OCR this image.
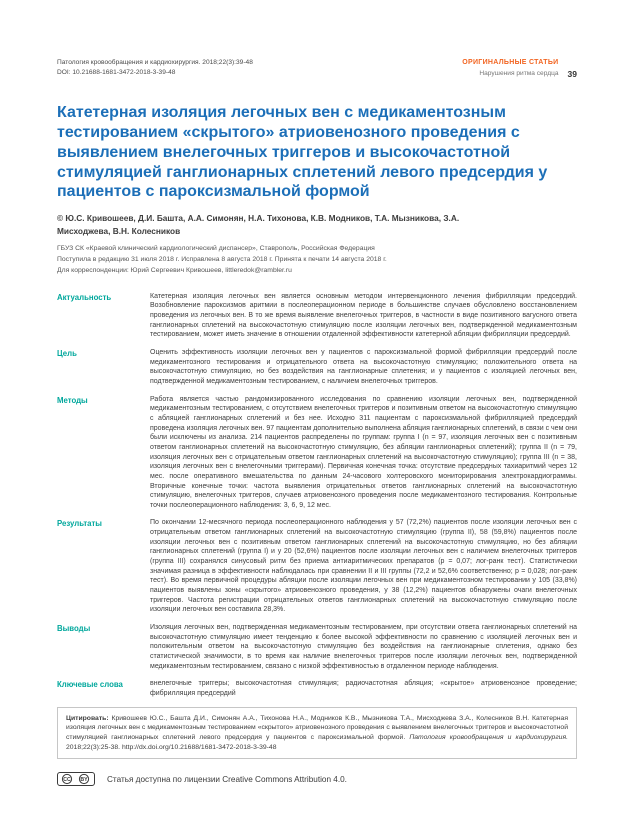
Патология кровообращения и кардиохирургия. 2018;22(3):39-48
DOI: 10.21688-1681-3472-2018-3-39-48
ОРИГИНАЛЬНЫЕ СТАТЬИ
Нарушения ритма сердца 39
Катетерная изоляция легочных вен с медикаментозным тестированием «скрытого» атриовенозного проведения с выявлением внелегочных триггеров и высокочастотной стимуляцией ганглионарных сплетений левого предсердия у пациентов с пароксизмальной формой
© Ю.С. Кривошеев, Д.И. Башта, А.А. Симонян, Н.А. Тихонова, К.В. Модников, Т.А. Мызникова, З.А. Мисходжева, В.Н. Колесников
ГБУЗ СК «Краевой клинический кардиологический диспансер», Ставрополь, Российская Федерация
Поступила в редакцию 31 июля 2018 г. Исправлена 8 августа 2018 г. Принята к печати 14 августа 2018 г.
Для корреспонденции: Юрий Сергеевич Кривошеев, littleredok@rambler.ru
Актуальность	Катетерная изоляция легочных вен является основным методом интервенционного лечения фибрилляции предсердий. Возобновление пароксизмов аритмии в послеоперационном периоде в большинстве случаев обусловлено восстановлением проведения из легочных вен. В то же время выявление внелегочных триггеров, в частности в виде позитивного вагусного ответа ганглионарных сплетений на высокочастотную стимуляцию после изоляции легочных вен, подтвержденной медикаментозным тестированием, может иметь значение в отношении отдаленной эффективности катетерной абляции фибрилляции предсердий.
Цель	Оценить эффективность изоляции легочных вен у пациентов с пароксизмальной формой фибрилляции предсердий после медикаментозного тестирования и отрицательного ответа на высокочастотную стимуляцию; положительного ответа на высокочастотную стимуляцию, но без воздействия на ганглионарные сплетения; и у пациентов с изоляцией легочных вен, подтвержденной медикаментозным тестированием, с наличием внелегочных триггеров.
Методы	Работа является частью рандомизированного исследования по сравнению изоляции легочных вен, подтвержденной медикаментозным тестированием, с отсутствием внелегочных триггеров и позитивным ответом на высокочастотную стимуляцию с абляцией ганглионарных сплетений и без нее. Исходно 311 пациентам с пароксизмальной фибрилляцией предсердий проведена изоляция легочных вен. 97 пациентам дополнительно выполнена абляция ганглионарных сплетений, в связи с чем они были исключены из анализа. 214 пациентов распределены по группам: группа I (n = 97, изоляция легочных вен с позитивным ответом ганглионарных сплетений на высокочастотную стимуляцию, без абляции ганглионарных сплетений); группа II (n = 79, изоляция легочных вен с отрицательным ответом ганглионарных сплетений на высокочастотную стимуляцию); группа III (n = 38, изоляция легочных вен с внелегочными триггерами). Первичная конечная точка: отсутствие предсердных тахиаритмий через 12 мес. после оперативного вмешательства по данным 24-часового холтеровского мониторирования электрокардиограммы. Вторичные конечные точки: частота выявления отрицательных ответов ганглионарных сплетений на высокочастотную стимуляцию, внелегочных триггеров, случаев атриовенозного проведения после медикаментозного тестирования. Контрольные точки послеоперационного наблюдения: 3, 6, 9, 12 мес.
Результаты	По окончании 12-месячного периода послеоперационного наблюдения у 57 (72,2%) пациентов после изоляции легочных вен с отрицательным ответом ганглионарных сплетений на высокочастотную стимуляцию (группа II), 58 (59,8%) пациентов после изоляции легочных вен с позитивным ответом ганглионарных сплетений на высокочастотную стимуляцию, но без абляции ганглионарных сплетений (группа I) и у 20 (52,6%) пациентов после изоляции легочных вен с наличием внелегочных триггеров (группа III) сохранялся синусовый ритм без приема антиаритмических препаратов (p = 0,07; лог-ранк тест). Статистически значимая разница в эффективности наблюдалась при сравнении II и III группы (72,2 и 52,6% соответственно; p = 0,028; лог-ранк тест). Во время первичной процедуры абляции после изоляции легочных вен при медикаментозном тестировании у 105 (33,8%) пациентов выявлены зоны «скрытого» атриовенозного проведения, у 38 (12,2%) пациентов обнаружены очаги внелегочных триггеров. Частота регистрации отрицательных ответов ганглионарных сплетений на высокочастотную стимуляцию после изоляции легочных вен составила 28,3%.
Выводы	Изоляция легочных вен, подтвержденная медикаментозным тестированием, при отсутствии ответа ганглионарных сплетений на высокочастотную стимуляцию имеет тенденцию к более высокой эффективности по сравнению с изоляцией легочных вен и положительным ответом на высокочастотную стимуляцию без воздействия на ганглионарные сплетения, однако без статистической значимости, в то время как наличие внелегочных триггеров после изоляции легочных вен, подтвержденной медикаментозным тестированием, связано с низкой эффективностью в отдаленном периоде наблюдения.
Ключевые слова	внелегочные триггеры; высокочастотная стимуляция; радиочастотная абляция; «скрытое» атриовенозное проведение; фибрилляция предсердий
Цитировать: Кривошеев Ю.С., Башта Д.И., Симонян А.А., Тихонова Н.А., Модников К.В., Мызникова Т.А., Мисходжева З.А., Колесников В.Н. Катетерная изоляция легочных вен с медикаментозным тестированием «скрытого» атриовенозного проведения с выявлением внелегочных триггеров и высокочастотной стимуляцией ганглионарных сплетений левого предсердия у пациентов с пароксизмальной формой. Патология кровообращения и кардиохирургия. 2018;22(3):25-38. http://dx.doi.org/10.21688/1681-3472-2018-3-39-48
CC BY Статья доступна по лицензии Creative Commons Attribution 4.0.
